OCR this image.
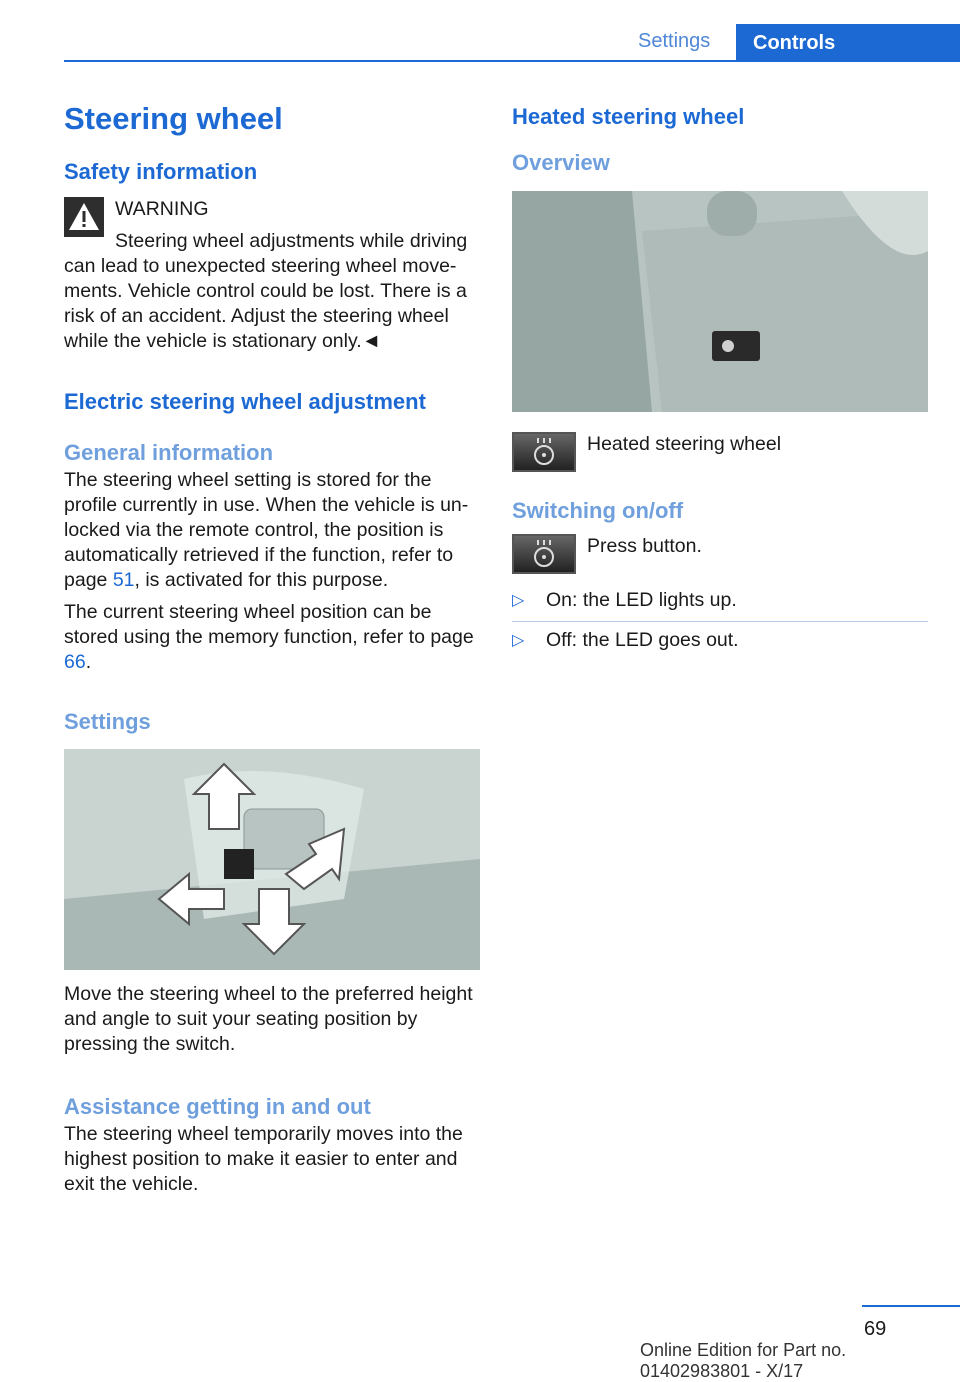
Settings	Controls
Steering wheel
Safety information
WARNING
Steering wheel adjustments while driving
can lead to unexpected steering wheel move-ments. Vehicle control could be lost. There is a risk of an accident. Adjust the steering wheel while the vehicle is stationary only.◄
Electric steering wheel adjustment
General information

The steering wheel setting is stored for the profile currently in use. When the vehicle is un-locked via the remote control, the position is automatically retrieved if the function, refer to page 51, is activated for this purpose.

The current steering wheel position can be stored using the memory function, refer to page 66.

Settings

Move the steering wheel to the preferred height and angle to suit your seating position by pressing the switch.

Assistance getting in and out

The steering wheel temporarily moves into the highest position to make it easier to enter and exit the vehicle.

Heated steering wheel
Overview
Heated steering wheel
Switching on/off
Press button.
▷ On: the LED lights up.
▷ Off: the LED goes out.
69
Online Edition for Part no. 01402983801 - X/17
